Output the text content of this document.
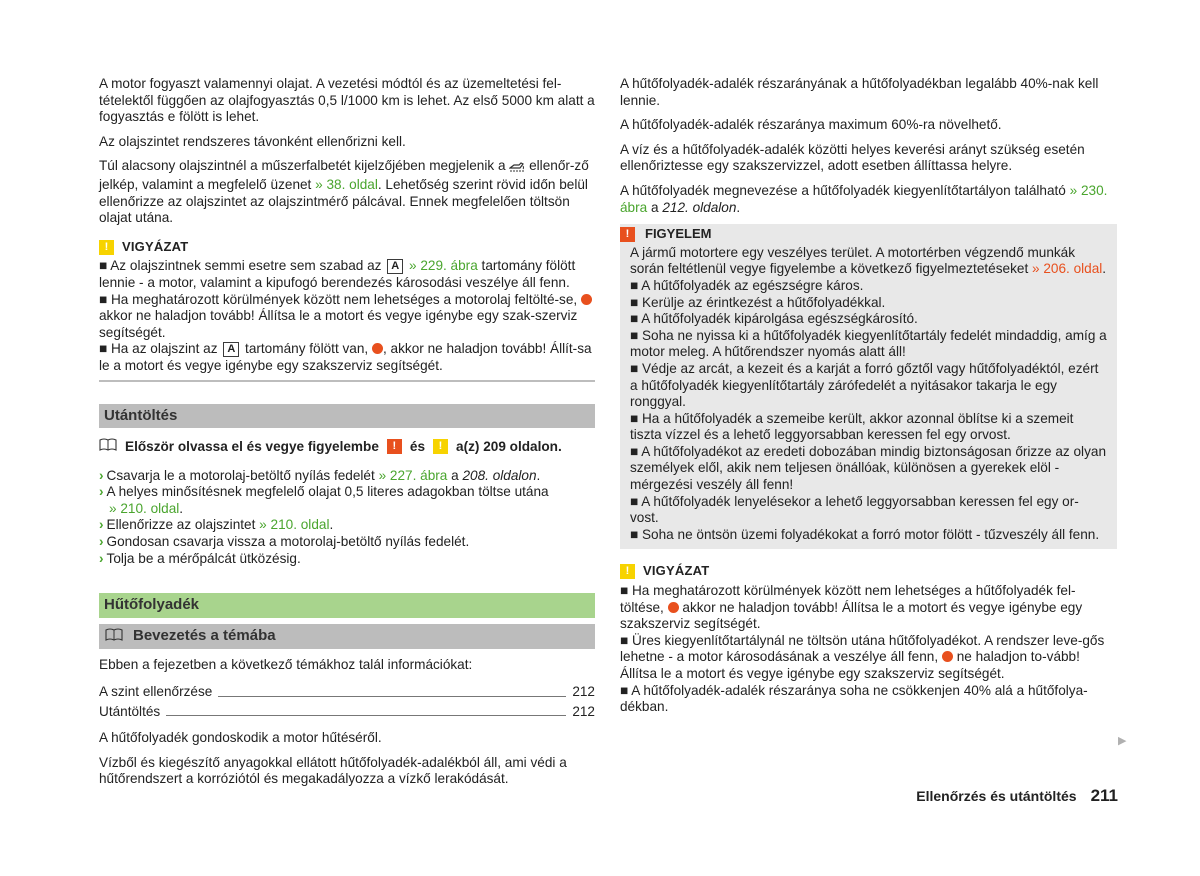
A motor fogyaszt valamennyi olajat. A vezetési módtól és az üzemeltetési fel-tételektől függően az olajfogyasztás 0,5 l/1000 km is lehet. Az első 5000 km alatt a fogyasztás e fölött is lehet.

Az olajszintet rendszeres távonként ellenőrizni kell.

Túl alacsony olajszintnél a műszerfalbetét kijelzőjében megjelenik a ellenőr-ző jelkép, valamint a megfelelő üzenet » 38. oldal. Lehetőség szerint rövid időn belül ellenőrizze az olajszintet az olajszintmérő pálcával. Ennek megfelelően töltsön olajat utána.

!	VIGYÁZAT

■ Az olajszintnek semmi esetre sem szabad az A » 229. ábra tartomány fölött lennie - a motor, valamint a kipufogó berendezés károsodási veszélye áll fenn.

■ Ha meghatározott körülmények között nem lehetséges a motorolaj feltölté-se,  akkor ne haladjon tovább! Állítsa le a motort és vegye igénybe egy szak-szerviz segítségét.

■ Ha az olajszint az A tartomány fölött van, , akkor ne haladjon tovább! Állít-sa le a motort és vegye igénybe egy szakszerviz segítségét.

Utántöltés
Először olvassa el és vegye figyelembe	!	és	!	a(z) 209 oldalon.

› Csavarja le a motorolaj-betöltő nyílás fedelét » 227. ábra a 208. oldalon.

› A helyes minősítésnek megfelelő olajat 0,5 literes adagokban töltse utána
» 210. oldal.

› Ellenőrizze az olajszintet » 210. oldal.

› Gondosan csavarja vissza a motorolaj-betöltő nyílás fedelét.

› Tolja be a mérőpálcát ütközésig.

Hűtőfolyadék
Bevezetés a témába

Ebben a fejezetben a következő témákhoz talál információkat:

A szint ellenőrzése	212
Utántöltés	212

A hűtőfolyadék gondoskodik a motor hűtéséről.

Vízből és kiegészítő anyagokkal ellátott hűtőfolyadék-adalékból áll, ami védi a hűtőrendszert a korróziótól és megakadályozza a vízkő lerakódását.

A hűtőfolyadék-adalék részarányának a hűtőfolyadékban legalább 40%-nak kell lennie.

A hűtőfolyadék-adalék részaránya maximum 60%-ra növelhető.

A víz és a hűtőfolyadék-adalék közötti helyes keverési arányt szükség esetén ellenőriztesse egy szakszervizzel, adott esetben állíttassa helyre.

A hűtőfolyadék megnevezése a hűtőfolyadék kiegyenlítőtartályon található » 230. ábra a 212. oldalon.

!	FIGYELEM

A jármű motortere egy veszélyes terület. A motortérben végzendő munkák során feltétlenül vegye figyelembe a következő figyelmeztetéseket » 206. oldal.

■ A hűtőfolyadék az egészségre káros.

■ Kerülje az érintkezést a hűtőfolyadékkal.

■ A hűtőfolyadék kipárolgása egészségkárosító.

■ Soha ne nyissa ki a hűtőfolyadék kiegyenlítőtartály fedelét mindaddig, amíg a motor meleg. A hűtőrendszer nyomás alatt áll!

■ Védje az arcát, a kezeit és a karját a forró gőztől vagy hűtőfolyadéktól, ezért a hűtőfolyadék kiegyenlítőtartály zárófedelét a nyitásakor takarja le egy ronggyal.

■ Ha a hűtőfolyadék a szemeibe került, akkor azonnal öblítse ki a szemeit tiszta vízzel és a lehető leggyorsabban keressen fel egy orvost.

■ A hűtőfolyadékot az eredeti dobozában mindig biztonságosan őrizze az olyan személyek elől, akik nem teljesen önállóak, különösen a gyerekek elöl - mérgezési veszély áll fenn!

■ A hűtőfolyadék lenyelésekor a lehető leggyorsabban keressen fel egy or-vost.

■ Soha ne öntsön üzemi folyadékokat a forró motor fölött - tűzveszély áll fenn.

!	VIGYÁZAT

■ Ha meghatározott körülmények között nem lehetséges a hűtőfolyadék fel-töltése, akkor ne haladjon tovább! Állítsa le a motort és vegye igénybe egy szakszerviz segítségét.

■ Üres kiegyenlítőtartálynál ne töltsön utána hűtőfolyadékot. A rendszer leve-gős lehetne - a motor károsodásának a veszélye áll fenn, ne haladjon to-vább! Állítsa le a motort és vegye igénybe egy szakszerviz segítségét.

■ A hűtőfolyadék-adalék részaránya soha ne csökkenjen 40% alá a hűtőfolya-dékban.

▶
Ellenőrzés és utántöltés 211
